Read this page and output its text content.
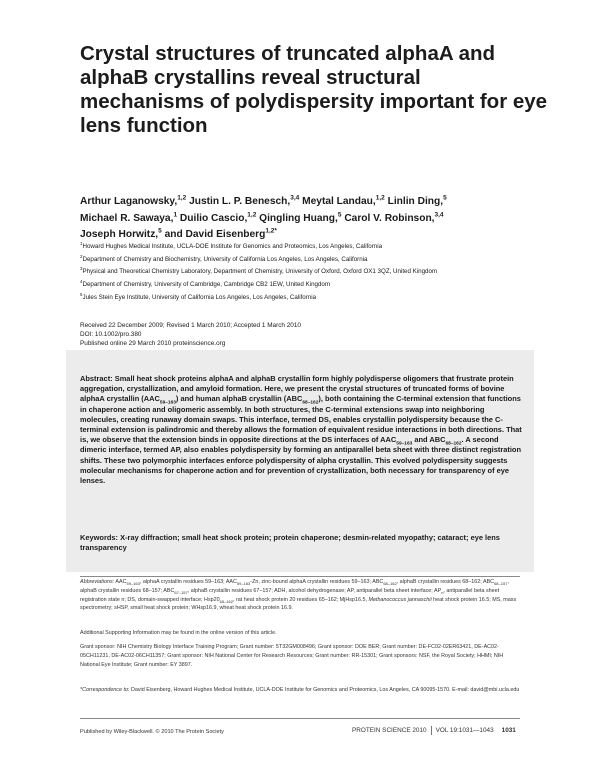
Crystal structures of truncated alphaA and alphaB crystallins reveal structural mechanisms of polydispersity important for eye lens function
Arthur Laganowsky,$^{1,2}$ Justin L. P. Benesch,$^{3,4}$ Meytal Landau,$^{1,2}$ Linlin Ding,$^5$
Michael R. Sawaya,$^1$ Duilio Cascio,$^{1,2}$ Qingling Huang,$^5$ Carol V. Robinson,$^{3,4}$
Joseph Horwitz,$^5$ and David Eisenberg$^{1,2*}$
$^1$Howard Hughes Medical Institute, UCLA-DOE Institute for Genomics and Proteomics, Los Angeles, California
$^2$Department of Chemistry and Biochemistry, University of California Los Angeles, Los Angeles, California
$^3$Physical and Theoretical Chemistry Laboratory, Department of Chemistry, University of Oxford, Oxford OX1 3QZ, United Kingdom
$^4$Department of Chemistry, University of Cambridge, Cambridge CB2 1EW, United Kingdom
$^5$Jules Stein Eye Institute, University of California Los Angeles, Los Angeles, California
Received 22 December 2009; Revised 1 March 2010; Accepted 1 March 2010
DOI: 10.1002/pro.380
Published online 29 March 2010 proteinscience.org
Abstract: Small heat shock proteins alphaA and alphaB crystallin form highly polydisperse oligomers that frustrate protein aggregation, crystallization, and amyloid formation. Here, we present the crystal structures of truncated forms of bovine alphaA crystallin $(AAC_{59-163})$ and human alphaB crystallin $(ABC_{68-162})$, both containing the C-terminal extension that functions in chaperone action and oligomeric assembly. In both structures, the C-terminal extensions swap into neighboring molecules, creating runaway domain swaps. This interface, termed DS, enables crystallin polydispersity because the C-terminal extension is palindromic and thereby allows the formation of equivalent residue interactions in both directions. That is, we observe that the extension binds in opposite directions at the DS interfaces of $AAC_{59-163}$ and $ABC_{68-162}$. A second dimeric interface, termed AP, also enables polydispersity by forming an antiparallel beta sheet with three distinct registration shifts. These two polymorphic interfaces enforce polydispersity of alpha crystallin. This evolved polydispersity suggests molecular mechanisms for chaperone action and for prevention of crystallization, both necessary for transparency of eye lenses.
Keywords: X-ray diffraction; small heat shock protein; protein chaperone; desmin-related myopathy; cataract; eye lens transparency
Abbreviations: $AAC_{59-163}$, alphaA crystallin residues 59–163; $AAC_{59-163}-Zn$, zinc-bound alphaA crystallin residues 59–163; $ABC_{68-162}$, alphaB crystallin residues 68–162; $ABC_{68-157}$, alphaB crystallin residues 68–157; $ABC_{67-157}$, alphaB crystallin residues 67–157; ADH, alcohol dehydrogenase; AP, antiparallel beta sheet interface; $AP_n$, antiparallel beta sheet registration state n; DS, domain-swapped interface; $Hsp20_{65-162}$, rat heat shock protein 20 residues 65–162; MjHsp16.5, Methanococcus jannaschii heat shock protein 16.5; MS, mass spectrometry; sHSP, small heat shock protein; WHsp16.9, wheat heat shock protein 16.9.
Additional Supporting Information may be found in the online version of this article.
Grant sponsor: NIH Chemistry Biology Interface Training Program; Grant number: 5T32GM008496; Grant sponsor: DOE BER; Grant number: DE-FC02-02ER63421, DE-AC02-05CH11231, DE-AC02-06CH11357; Grant sponsor: NIH National Center for Research Resources; Grant number: RR-15301; Grant sponsors: NSF, the Royal Society; HHMI; NIH National Eye Institute; Grant number: EY 3897.
*Correspondence to: David Eisenberg, Howard Hughes Medical Institute, UCLA-DOE Institute for Genomics and Proteomics, Los Angeles, CA 90095-1570. E-mail: david@mbi.ucla.edu
Published by Wiley-Blackwell. © 2010 The Protein Society	PROTEIN SCIENCE 2010 VOL 19:1031—1043 1031
